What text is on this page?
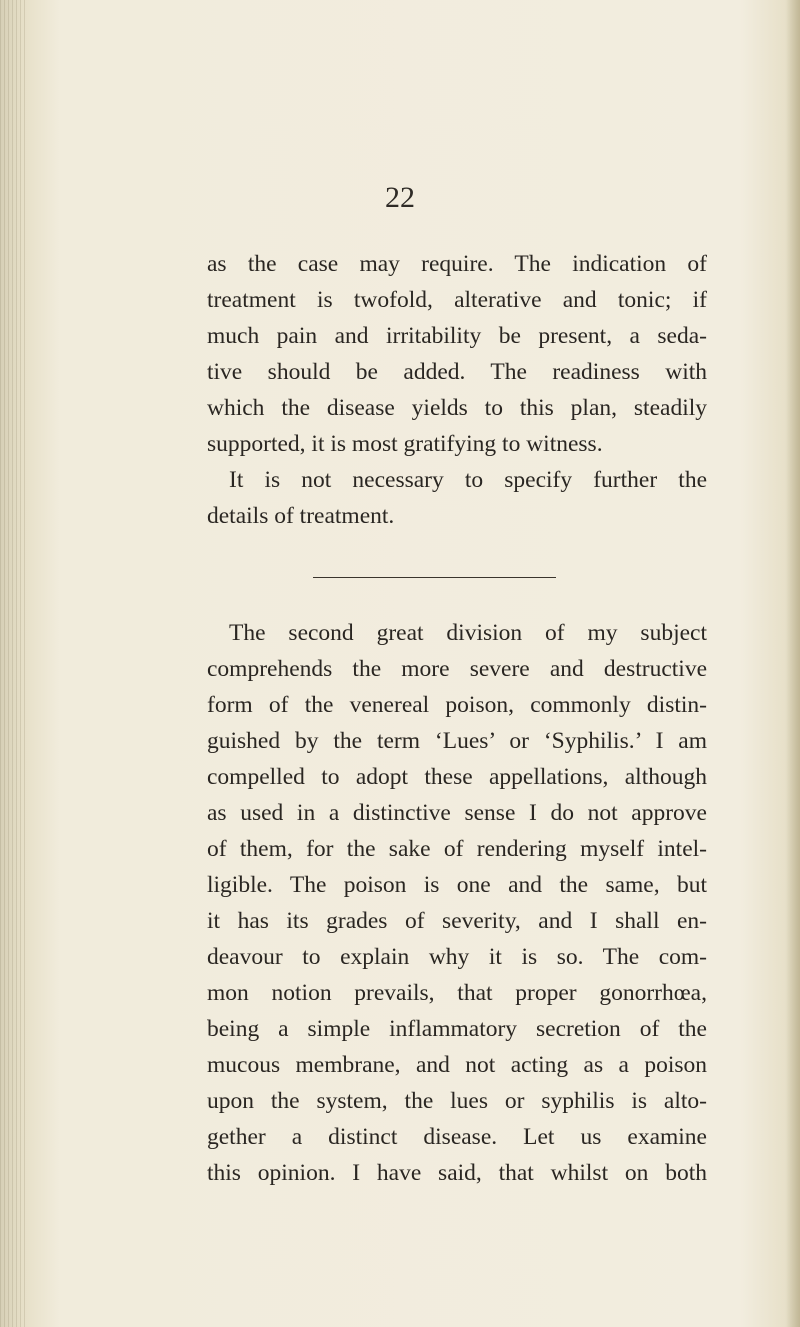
22
as the case may require. The indication of
treatment is twofold, alterative and tonic; if
much pain and irritability be present, a seda-
tive should be added. The readiness with
which the disease yields to this plan, steadily
supported, it is most gratifying to witness.
It is not necessary to specify further the
details of treatment.
The second great division of my subject
comprehends the more severe and destructive
form of the venereal poison, commonly distin-
guished by the term ‘Lues’ or ‘Syphilis.’ I am
compelled to adopt these appellations, although
as used in a distinctive sense I do not approve
of them, for the sake of rendering myself intel-
ligible. The poison is one and the same, but
it has its grades of severity, and I shall en-
deavour to explain why it is so. The com-
mon notion prevails, that proper gonorrhœa,
being a simple inflammatory secretion of the
mucous membrane, and not acting as a poison
upon the system, the lues or syphilis is alto-
gether a distinct disease. Let us examine
this opinion. I have said, that whilst on both
